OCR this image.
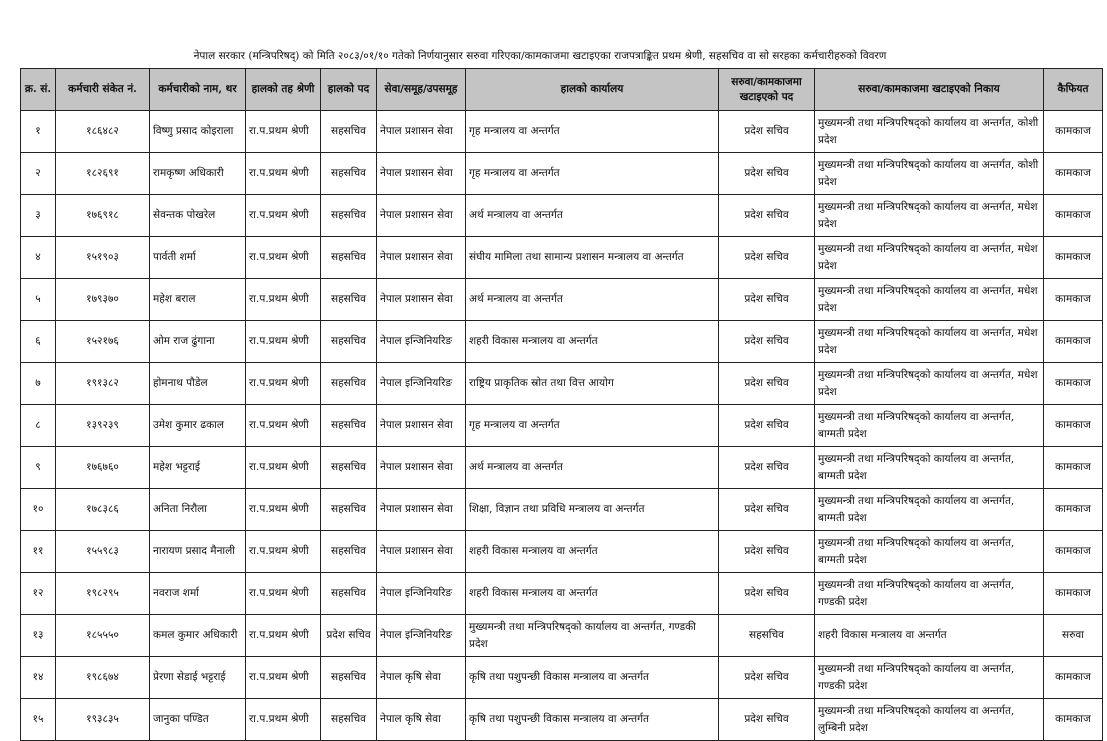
नेपाल सरकार (मन्त्रिपरिषद्) को मिति २०८३/०१/१० गतेको निर्णयानुसार सरुवा गरिएका/कामकाजमा खटाइएका राजपत्राङ्कित प्रथम श्रेणी, सहसचिव वा सो सरहका कर्मचारीहरुको विवरण
क्र. सं.	कर्मचारी संकेत नं.	कर्मचारीको नाम, थर	हालको तह श्रेणी	हालको पद	सेवा/समूह/उपसमूह	हालको कार्यालय	सरुवा/कामकाजमा खटाइएको पद	सरुवा/कामकाजमा खटाइएको निकाय	कैफियत
१	१८६४८२	विष्णु प्रसाद कोइराला	रा.प.प्रथम श्रेणी	सहसचिव	नेपाल प्रशासन सेवा	गृह मन्त्रालय वा अन्तर्गत	प्रदेश सचिव	मुख्यमन्त्री तथा मन्त्रिपरिषद्को कार्यालय वा अन्तर्गत, कोशी प्रदेश	कामकाज
२	१८२६९१	रामकृष्ण अधिकारी	रा.प.प्रथम श्रेणी	सहसचिव	नेपाल प्रशासन सेवा	गृह मन्त्रालय वा अन्तर्गत	प्रदेश सचिव	मुख्यमन्त्री तथा मन्त्रिपरिषद्को कार्यालय वा अन्तर्गत, कोशी प्रदेश	कामकाज
३	१७६९१८	सेवन्तक पोखरेल	रा.प.प्रथम श्रेणी	सहसचिव	नेपाल प्रशासन सेवा	अर्थ मन्त्रालय वा अन्तर्गत	प्रदेश सचिव	मुख्यमन्त्री तथा मन्त्रिपरिषद्को कार्यालय वा अन्तर्गत, मधेश प्रदेश	कामकाज
४	१५१९०३	पार्वती शर्मा	रा.प.प्रथम श्रेणी	सहसचिव	नेपाल प्रशासन सेवा	संघीय मामिला तथा सामान्य प्रशासन मन्त्रालय वा अन्तर्गत	प्रदेश सचिव	मुख्यमन्त्री तथा मन्त्रिपरिषद्को कार्यालय वा अन्तर्गत, मधेश प्रदेश	कामकाज
५	१७९३७०	महेश बराल	रा.प.प्रथम श्रेणी	सहसचिव	नेपाल प्रशासन सेवा	अर्थ मन्त्रालय वा अन्तर्गत	प्रदेश सचिव	मुख्यमन्त्री तथा मन्त्रिपरिषद्को कार्यालय वा अन्तर्गत, मधेश प्रदेश	कामकाज
६	१५२१७६	ओम राज ढुंगाना	रा.प.प्रथम श्रेणी	सहसचिव	नेपाल इन्जिनियरिङ	शहरी विकास मन्त्रालय वा अन्तर्गत	प्रदेश सचिव	मुख्यमन्त्री तथा मन्त्रिपरिषद्को कार्यालय वा अन्तर्गत, मधेश प्रदेश	कामकाज
७	१९१३८२	होमनाथ पौडेल	रा.प.प्रथम श्रेणी	सहसचिव	नेपाल इन्जिनियरिङ	राष्ट्रिय प्राकृतिक स्रोत तथा वित्त आयोग	प्रदेश सचिव	मुख्यमन्त्री तथा मन्त्रिपरिषद्को कार्यालय वा अन्तर्गत, मधेश प्रदेश	कामकाज
८	१३९२३९	उमेश कुमार ढकाल	रा.प.प्रथम श्रेणी	सहसचिव	नेपाल प्रशासन सेवा	गृह मन्त्रालय वा अन्तर्गत	प्रदेश सचिव	मुख्यमन्त्री तथा मन्त्रिपरिषद्को कार्यालय वा अन्तर्गत, बाग्मती प्रदेश	कामकाज
९	१७६७६०	महेश भट्टराई	रा.प.प्रथम श्रेणी	सहसचिव	नेपाल प्रशासन सेवा	अर्थ मन्त्रालय वा अन्तर्गत	प्रदेश सचिव	मुख्यमन्त्री तथा मन्त्रिपरिषद्को कार्यालय वा अन्तर्गत, बाग्मती प्रदेश	कामकाज
१०	१७८३८६	अनिता निरौला	रा.प.प्रथम श्रेणी	सहसचिव	नेपाल प्रशासन सेवा	शिक्षा, विज्ञान तथा प्रविधि मन्त्रालय वा अन्तर्गत	प्रदेश सचिव	मुख्यमन्त्री तथा मन्त्रिपरिषद्को कार्यालय वा अन्तर्गत, बाग्मती प्रदेश	कामकाज
११	१५५९८३	नारायण प्रसाद मैनाली	रा.प.प्रथम श्रेणी	सहसचिव	नेपाल प्रशासन सेवा	शहरी विकास मन्त्रालय वा अन्तर्गत	प्रदेश सचिव	मुख्यमन्त्री तथा मन्त्रिपरिषद्को कार्यालय वा अन्तर्गत, बाग्मती प्रदेश	कामकाज
१२	१९८२९५	नवराज शर्मा	रा.प.प्रथम श्रेणी	सहसचिव	नेपाल इन्जिनियरिङ	शहरी विकास मन्त्रालय वा अन्तर्गत	प्रदेश सचिव	मुख्यमन्त्री तथा मन्त्रिपरिषद्को कार्यालय वा अन्तर्गत, गण्डकी प्रदेश	कामकाज
१३	१८५५५०	कमल कुमार अधिकारी	रा.प.प्रथम श्रेणी	प्रदेश सचिव	नेपाल इन्जिनियरिङ	मुख्यमन्त्री तथा मन्त्रिपरिषद्को कार्यालय वा अन्तर्गत, गण्डकी प्रदेश	सहसचिव	शहरी विकास मन्त्रालय वा अन्तर्गत	सरुवा
१४	१९८६७४	प्रेरणा सेडाई भट्टराई	रा.प.प्रथम श्रेणी	सहसचिव	नेपाल कृषि सेवा	कृषि तथा पशुपन्छी विकास मन्त्रालय वा अन्तर्गत	प्रदेश सचिव	मुख्यमन्त्री तथा मन्त्रिपरिषद्को कार्यालय वा अन्तर्गत, गण्डकी प्रदेश	कामकाज
१५	१९३८३५	जानुका पण्डित	रा.प.प्रथम श्रेणी	सहसचिव	नेपाल कृषि सेवा	कृषि तथा पशुपन्छी विकास मन्त्रालय वा अन्तर्गत	प्रदेश सचिव	मुख्यमन्त्री तथा मन्त्रिपरिषद्को कार्यालय वा अन्तर्गत, लुम्बिनी प्रदेश	कामकाज
